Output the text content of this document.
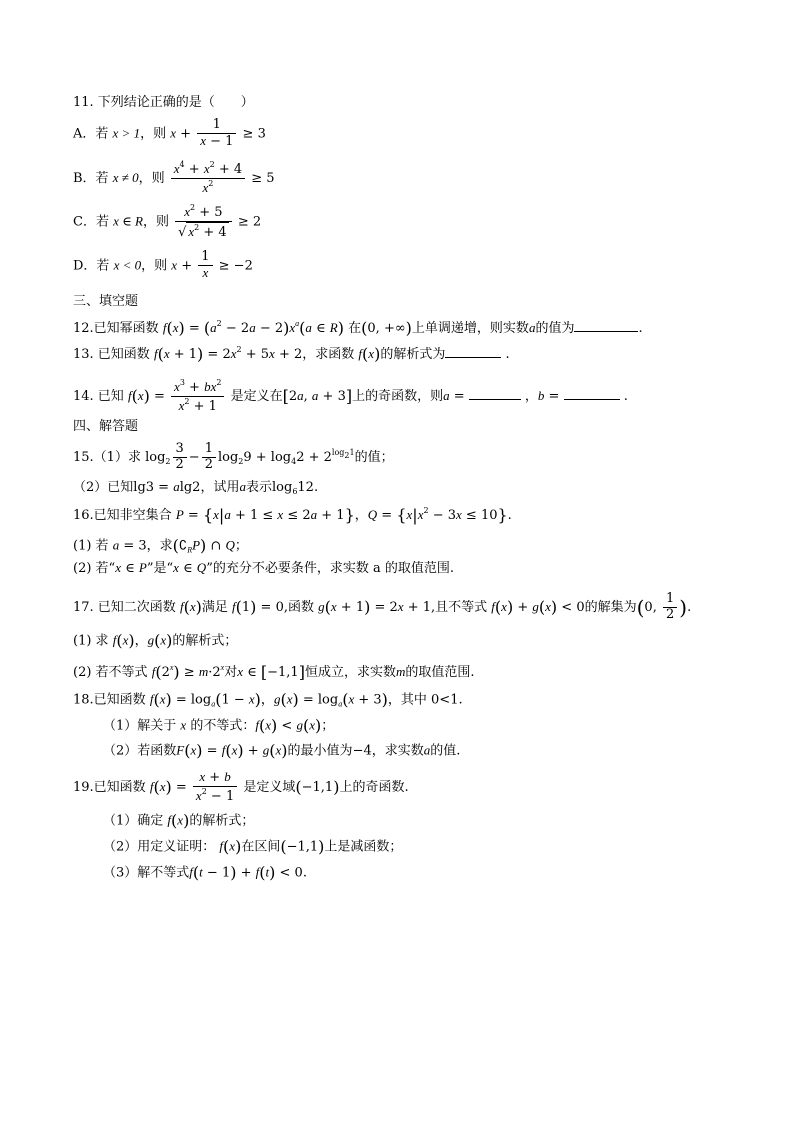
11. 下列结论正确的是（　　）
A．若 x > 1，则 $x + \frac{1}{x - 1} \ge 3$
B．若 x ≠ 0，则 $\frac{x^4 + x^2 + 4}{x^2} \ge 5$
C．若 x ∈ R，则 $\frac{x^2 + 5}{√ x^2 + 4} \ge 2$
D．若 x < 0，则 $x + \frac{1}{x} \ge -2$
三、填空题
12.已知幂函数 $f(x) = (a^2 - 2a - 2)x^a(a$ ∈ R) 在(0, +∞)上单调递增，则实数a的值为	.
13. 已知函数 $f(x + 1) = 2x^2 + 5x + 2$，求函数 f(x)的解析式为	.
14. 已知 $f(x) = \frac{x^3 + bx^2}{x^2 + 1}$ 是定义在[2a, a + 3]上的奇函数，则a =	，b =	.
四、解答题
15.（1）求 $\log_2 \frac{3}{2} - \frac{1}{2} \log_29 + \log_42 + 2^{log_21}$的值；
（2）已知lg3 = alg2，试用a表示$\log_612$.
16.已知非空集合 P = {x|a + 1 ≤ x ≤ 2a + 1}，$Q = \{x|x^2 - 3x \le 10\}$.
(1) 若 a = 3，求$(∁_RP)$ ∩ Q；
(2) 若“x ∈ P”是“x ∈ Q”的充分不必要条件，求实数 a 的取值范围.
17. 已知二次函数 f(x)满足 f(1) = 0,函数 g(x + 1) = 2x + 1,且不等式 f(x) + g(x) < 0的解集为(0, $\frac{1}{2}$ ).
(1) 求 f(x)，g(x)的解析式；
(2) 若不等式 $f(2^x) \ge m\cdot 2^x$对x ∈ [−1,1]恒成立，求实数m的取值范围.
18.已知函数 $f(x) = \log_a(1 - x)$，$g(x) = \log_a(x + 3)$，其中 0<1.
（1）解关于 x 的不等式：f(x) < g(x)；
（2）若函数F(x) = f(x) + g(x)的最小值为−4，求实数a的值.
19.已知函数 $f(x) = \frac{x + b}{x^2 - 1}$ 是定义域(−1,1)上的奇函数.
（1）确定 f(x)的解析式；
（2）用定义证明： f(x)在区间(−1,1)上是减函数；
（3）解不等式f(t − 1) + f(t) < 0.
